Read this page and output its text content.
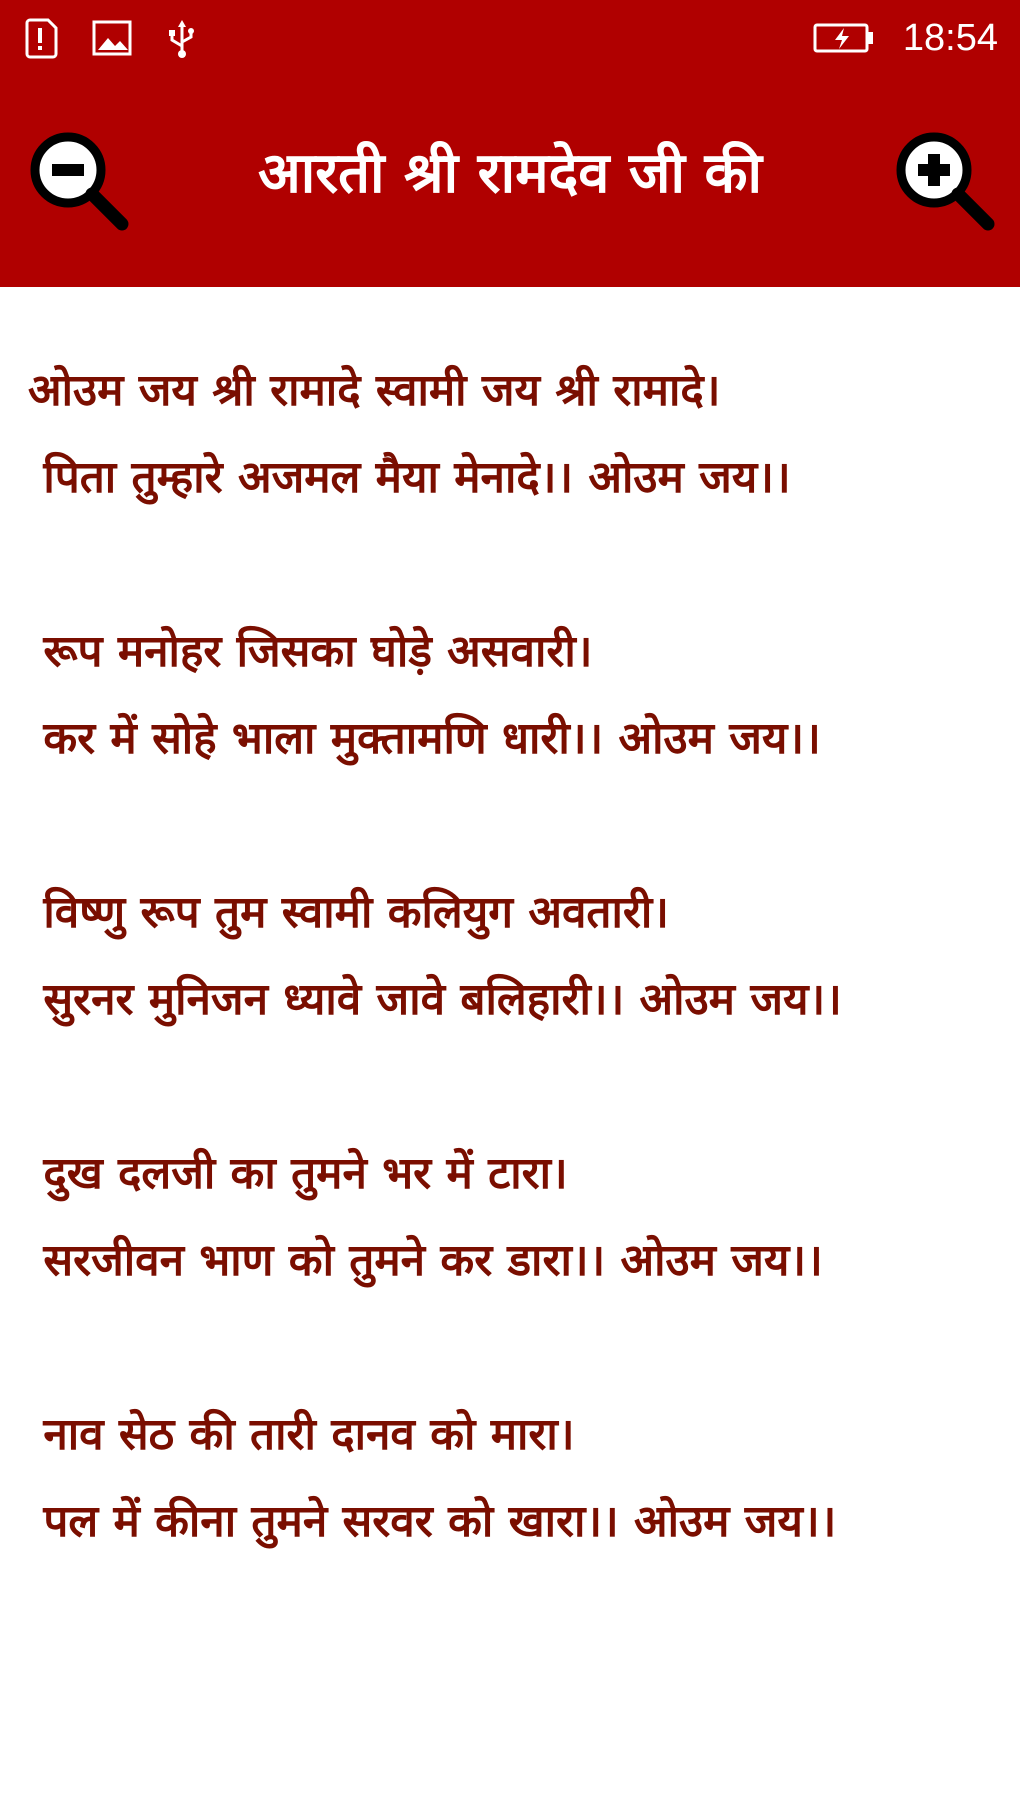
18:54
आरती श्री रामदेव जी की

ओउम जय श्री रामादे स्वामी जय श्री रामादे।
पिता तुम्हारे अजमल मैया मेनादे।। ओउम जय।।

रूप मनोहर जिसका घोड़े असवारी।
कर में सोहे भाला मुक्तामणि धारी।। ओउम जय।।

विष्णु रूप तुम स्वामी कलियुग अवतारी।
सुरनर मुनिजन ध्यावे जावे बलिहारी।। ओउम जय।।

दुख दलजी का तुमने भर में टारा।
सरजीवन भाण को तुमने कर डारा।। ओउम जय।।

नाव सेठ की तारी दानव को मारा।
पल में कीना तुमने सरवर को खारा।। ओउम जय।।
